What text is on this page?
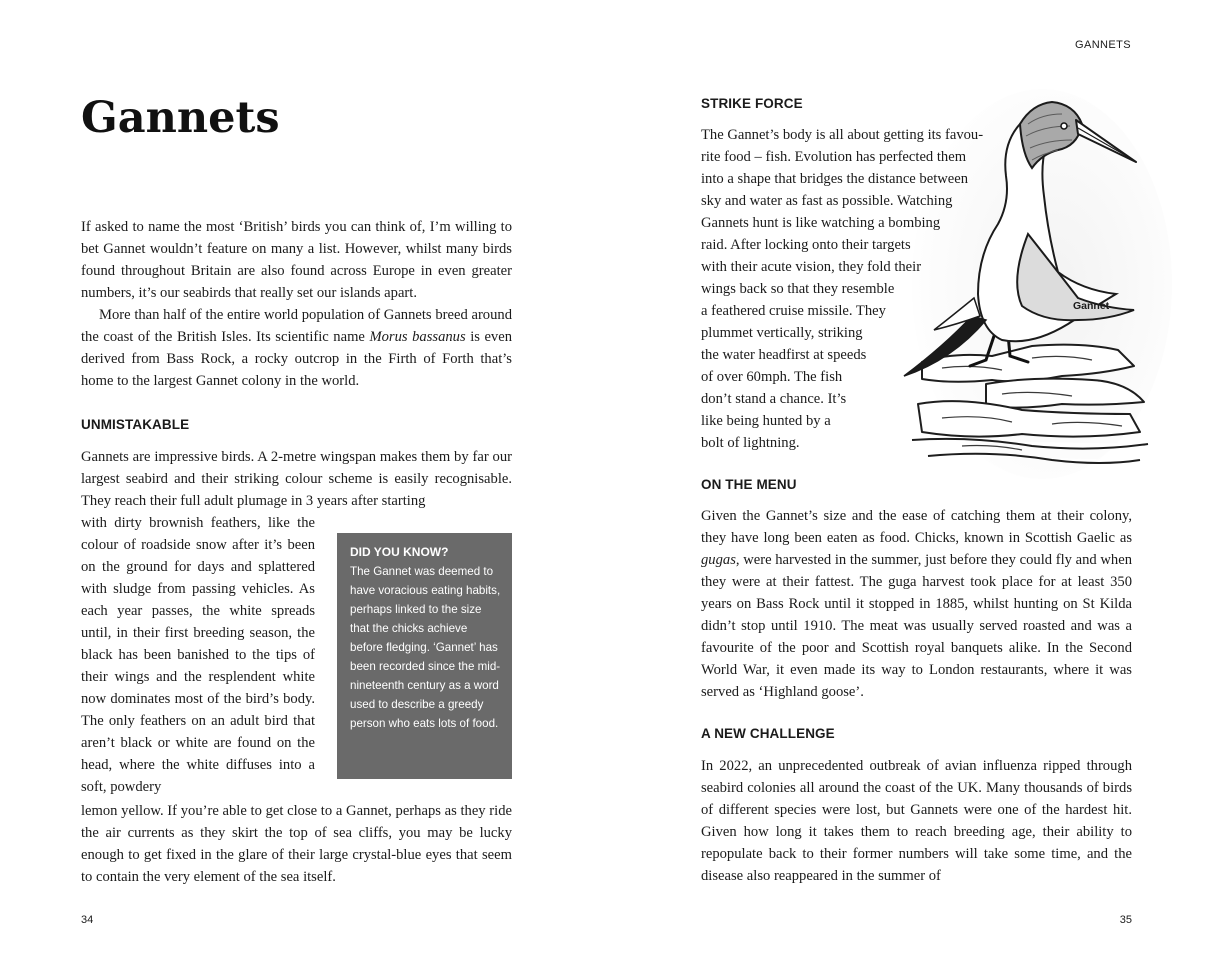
Gannets

If asked to name the most ‘British’ birds you can think of, I’m willing to bet Gannet wouldn’t feature on many a list. However, whilst many birds found throughout Britain are also found across Europe in even greater numbers, it’s our seabirds that really set our islands apart.

More than half of the entire world population of Gannets breed around the coast of the British Isles. Its scientific name Morus bassanus is even derived from Bass Rock, a rocky outcrop in the Firth of Forth that’s home to the largest Gannet colony in the world.

UNMISTAKABLE

Gannets are impressive birds. A 2-metre wingspan makes them by far our largest seabird and their striking colour scheme is easily recognisable. They reach their full adult plumage in 3 years after starting

with dirty brownish feathers, like the colour of roadside snow after it’s been on the ground for days and splattered with sludge from passing vehicles. As each year passes, the white spreads until, in their first breeding season, the black has been banished to the tips of their wings and the resplendent white now dominates most of the bird’s body. The only feathers on an adult bird that aren’t black or white are found on the head, where the white diffuses into a soft, powdery

lemon yellow. If you’re able to get close to a Gannet, perhaps as they ride the air currents as they skirt the top of sea cliffs, you may be lucky enough to get fixed in the glare of their large crystal-blue eyes that seem to contain the very element of the sea itself.

DID YOU KNOW?

The Gannet was deemed to have voracious eating habits, perhaps linked to the size that the chicks achieve before fledging. ‘Gannet’ has been recorded since the mid-nineteenth century as a word used to describe a greedy person who eats lots of food.

34
GANNETS
STRIKE FORCE
Gannet

The Gannet’s body is all about getting its favou-

rite food – fish. Evolution has perfected them

into a shape that bridges the distance between

sky and water as fast as possible. Watching

Gannets hunt is like watching a bombing

raid. After locking onto their targets

with their acute vision, they fold their

wings back so that they resemble

a feathered cruise missile. They

plummet vertically, striking

the water headfirst at speeds

of over 60mph. The fish

don’t stand a chance. It’s

like being hunted by a

bolt of lightning.

ON THE MENU

Given the Gannet’s size and the ease of catching them at their colony, they have long been eaten as food. Chicks, known in Scottish Gaelic as gugas, were harvested in the summer, just before they could fly and when they were at their fattest. The guga harvest took place for at least 350 years on Bass Rock until it stopped in 1885, whilst hunting on St Kilda didn’t stop until 1910. The meat was usually served roasted and was a favourite of the poor and Scottish royal banquets alike. In the Second World War, it even made its way to London restaurants, where it was served as ‘Highland goose’.

A NEW CHALLENGE

In 2022, an unprecedented outbreak of avian influenza ripped through seabird colonies all around the coast of the UK. Many thousands of birds of different species were lost, but Gannets were one of the hardest hit. Given how long it takes them to reach breeding age, their ability to repopulate back to their former numbers will take some time, and the disease also reappeared in the summer of

35
